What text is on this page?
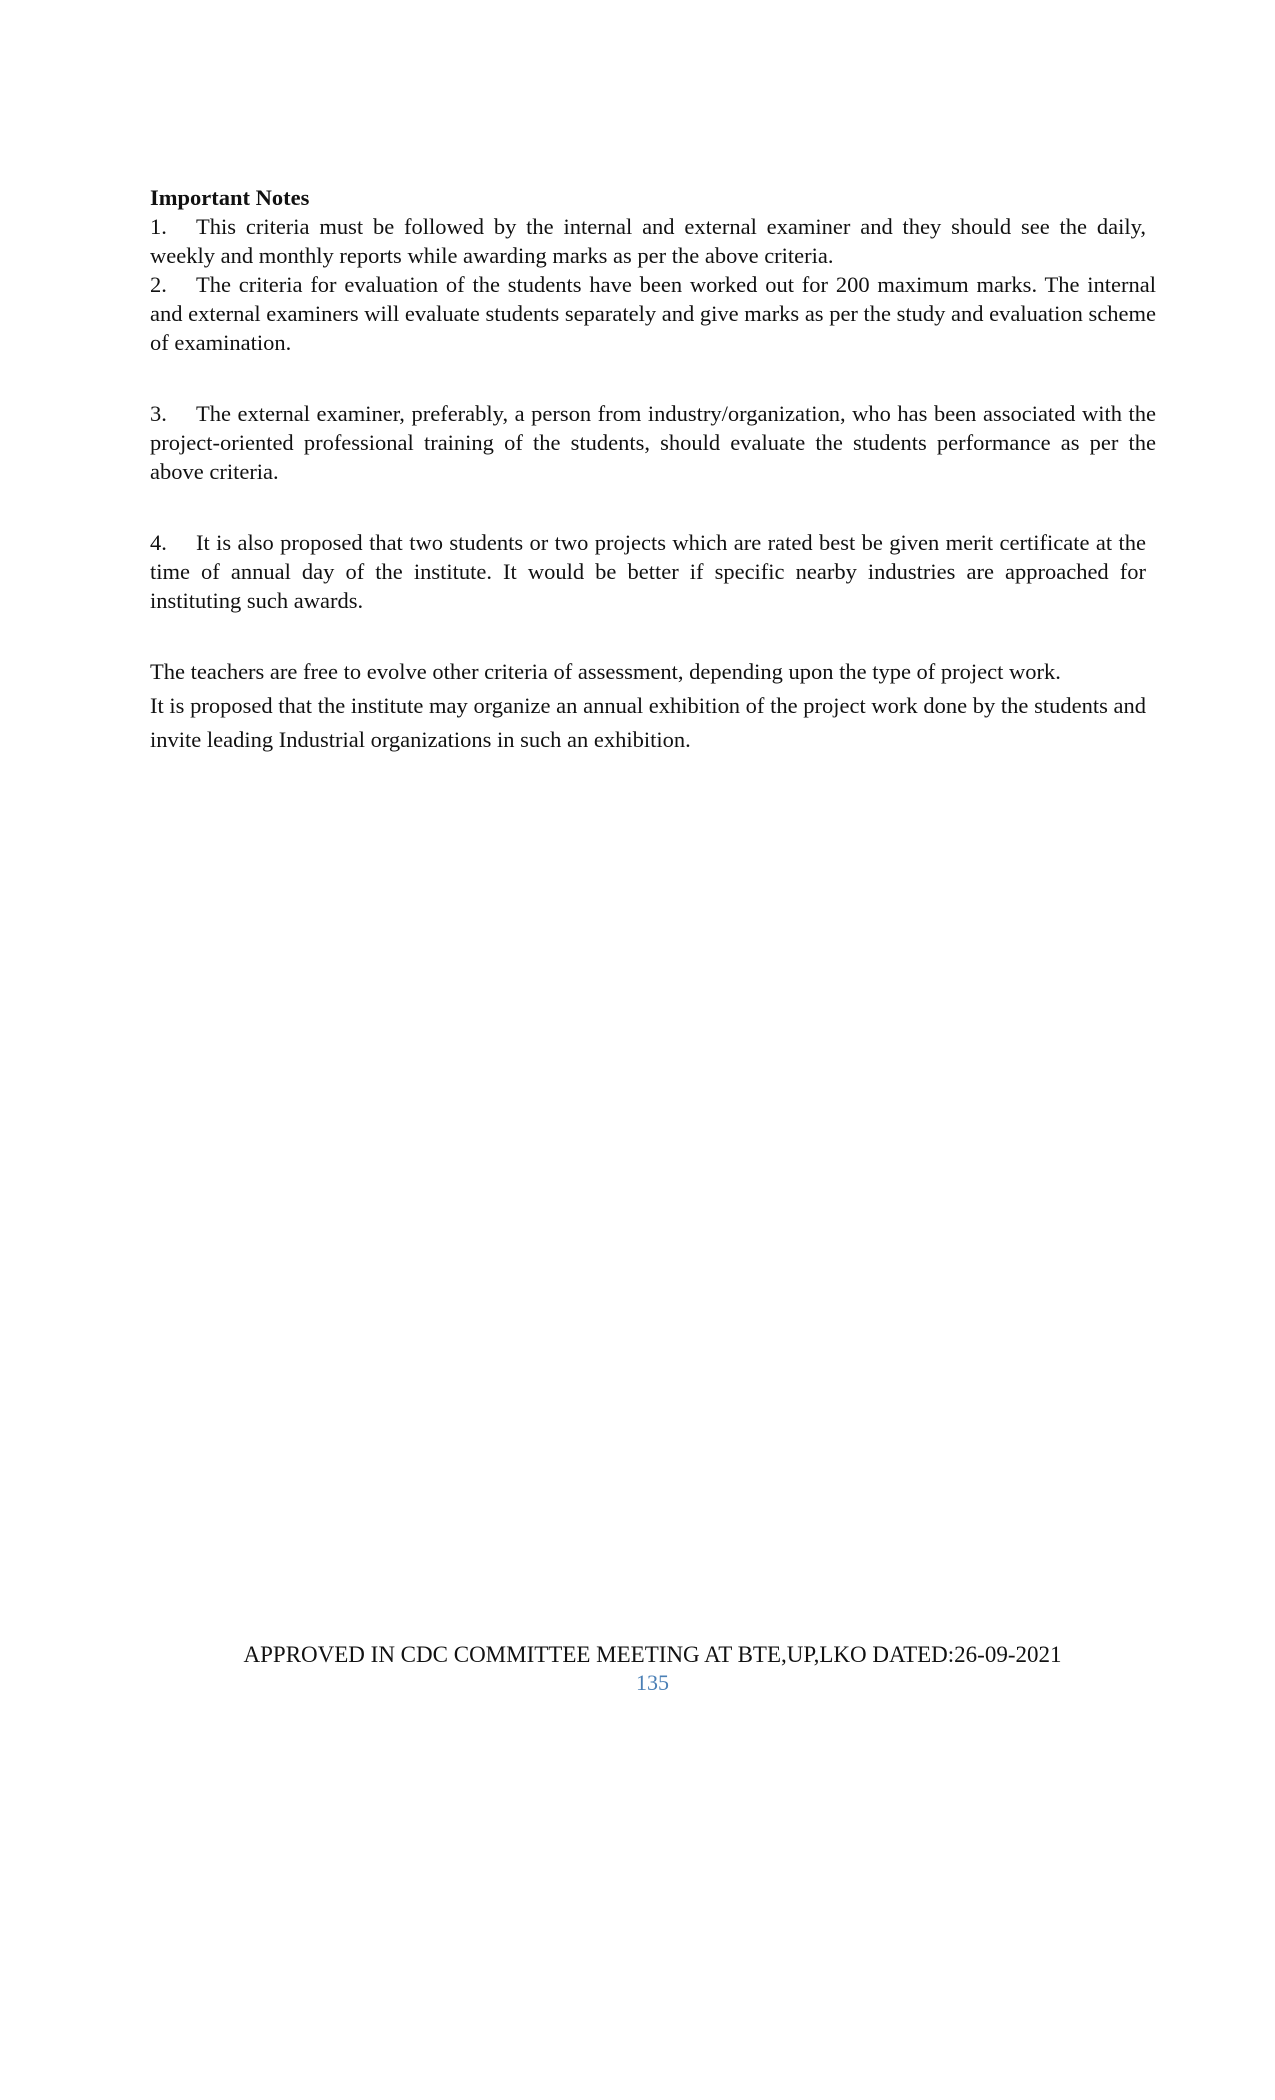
Important Notes

1. This criteria must be followed by the internal and external examiner and they should see the daily, weekly and monthly reports while awarding marks as per the above criteria.

2. The criteria for evaluation of the students have been worked out for 200 maximum marks. The internal and external examiners will evaluate students separately and give marks as per the study and evaluation scheme of examination.

3. The external examiner, preferably, a person from industry/organization, who has been associated with the project-oriented professional training of the students, should evaluate the students performance as per the above criteria.

4. It is also proposed that two students or two projects which are rated best be given merit certificate at the time of annual day of the institute. It would be better if specific nearby industries are approached for instituting such awards.

The teachers are free to evolve other criteria of assessment, depending upon the type of project work.
It is proposed that the institute may organize an annual exhibition of the project work done by the students and invite leading Industrial organizations in such an exhibition.
APPROVED IN CDC COMMITTEE MEETING AT BTE,UP,LKO DATED:26-09-2021
135
